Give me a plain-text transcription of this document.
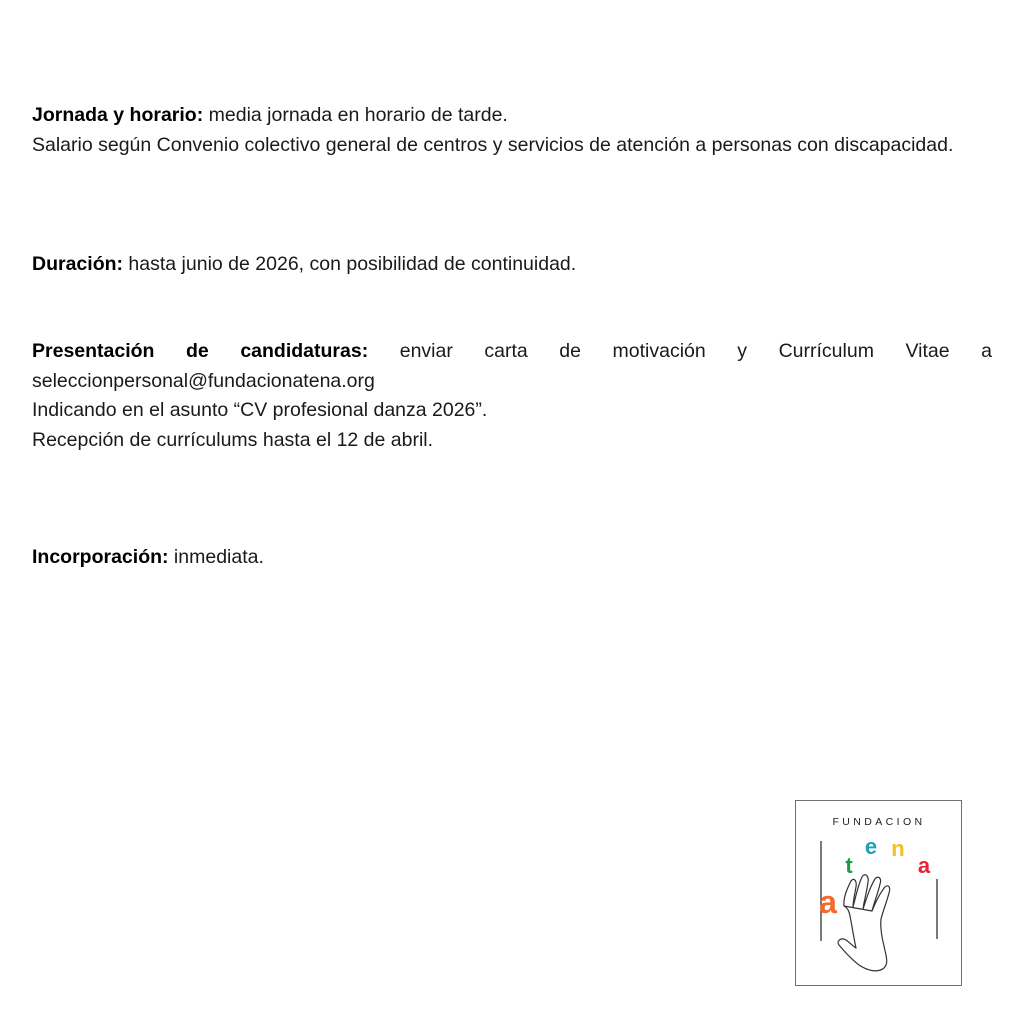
Jornada y horario: media jornada en horario de tarde.

Salario según Convenio colectivo general de centros y servicios de atención a personas con discapacidad.

Duración: hasta junio de 2026, con posibilidad de continuidad.

Presentación de candidaturas: enviar carta de motivación y Currículum Vitae a

seleccionpersonal@fundacionatena.org

Indicando en el asunto “CV profesional danza 2026”.

Recepción de currículums hasta el 12 de abril.

Incorporación: inmediata.

FUNDACION
a
t
e n
a
